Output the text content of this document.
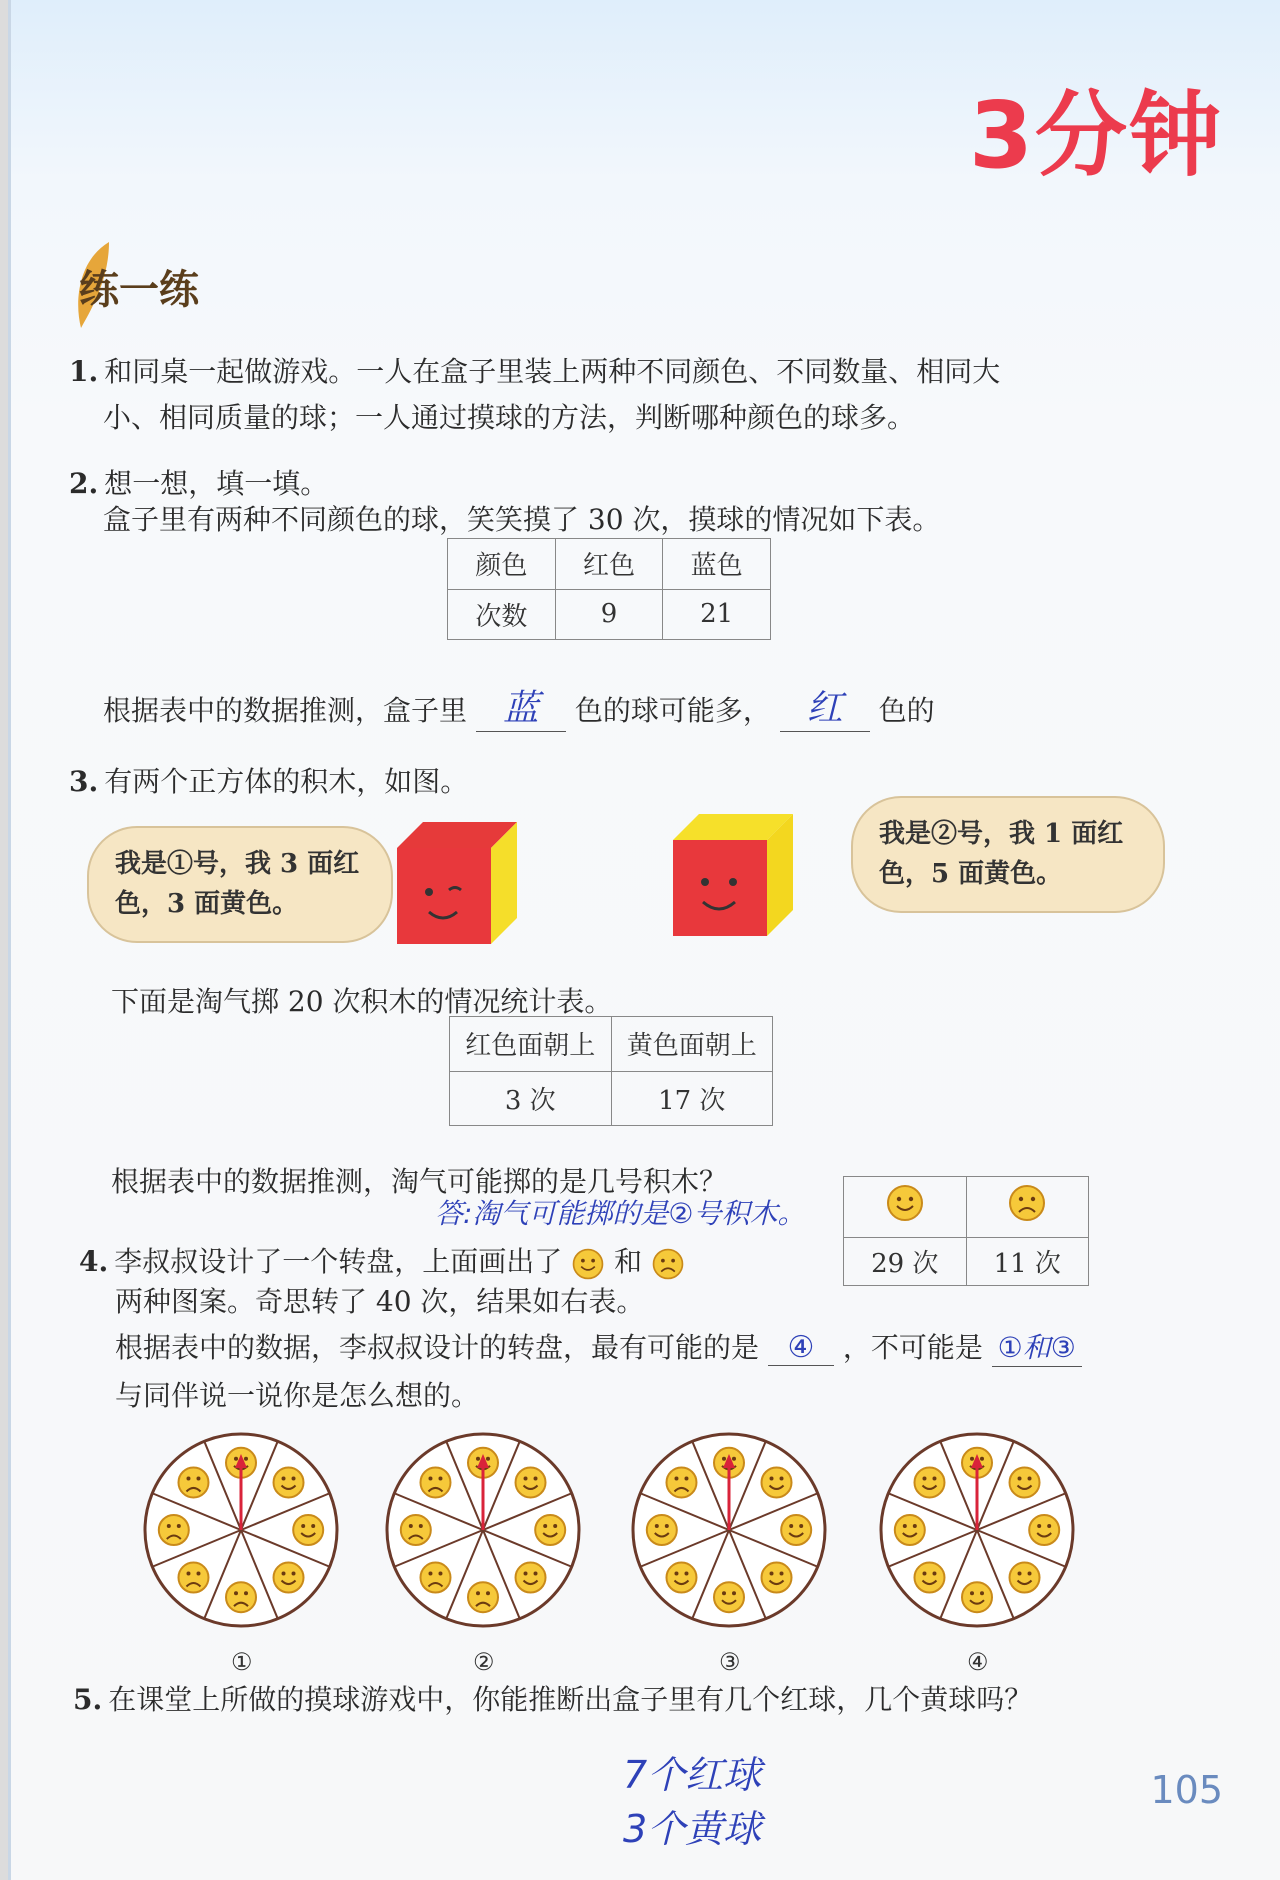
3分钟
练一练
1. 和同桌一起做游戏。一人在盒子里装上两种不同颜色、不同数量、相同大
小、相同质量的球；一人通过摸球的方法，判断哪种颜色的球多。
2. 想一想，填一填。
盒子里有两种不同颜色的球，笑笑摸了 30 次，摸球的情况如下表。
颜色	红色	蓝色
次数	9	21
根据表中的数据推测，盒子里 蓝 色的球可能多， 红 色的
3. 有两个正方体的积木，如图。
我是①号，我 3 面红色，3 面黄色。
我是②号，我 1 面红色，5 面黄色。
下面是淘气掷 20 次积木的情况统计表。
红色面朝上	黄色面朝上
3 次	17 次
根据表中的数据推测，淘气可能掷的是几号积木？
答:淘气可能掷的是②号积木。

29 次	11 次
4. 李叔叔设计了一个转盘，上面画出了 和
两种图案。奇思转了 40 次，结果如右表。
根据表中的数据，李叔叔设计的转盘，最有可能的是 ④ ，不可能是 ①和③
与同伴说一说你是怎么想的。
①	②	③	④
5. 在课堂上所做的摸球游戏中，你能推断出盒子里有几个红球，几个黄球吗？
7个红球
3个黄球
105
